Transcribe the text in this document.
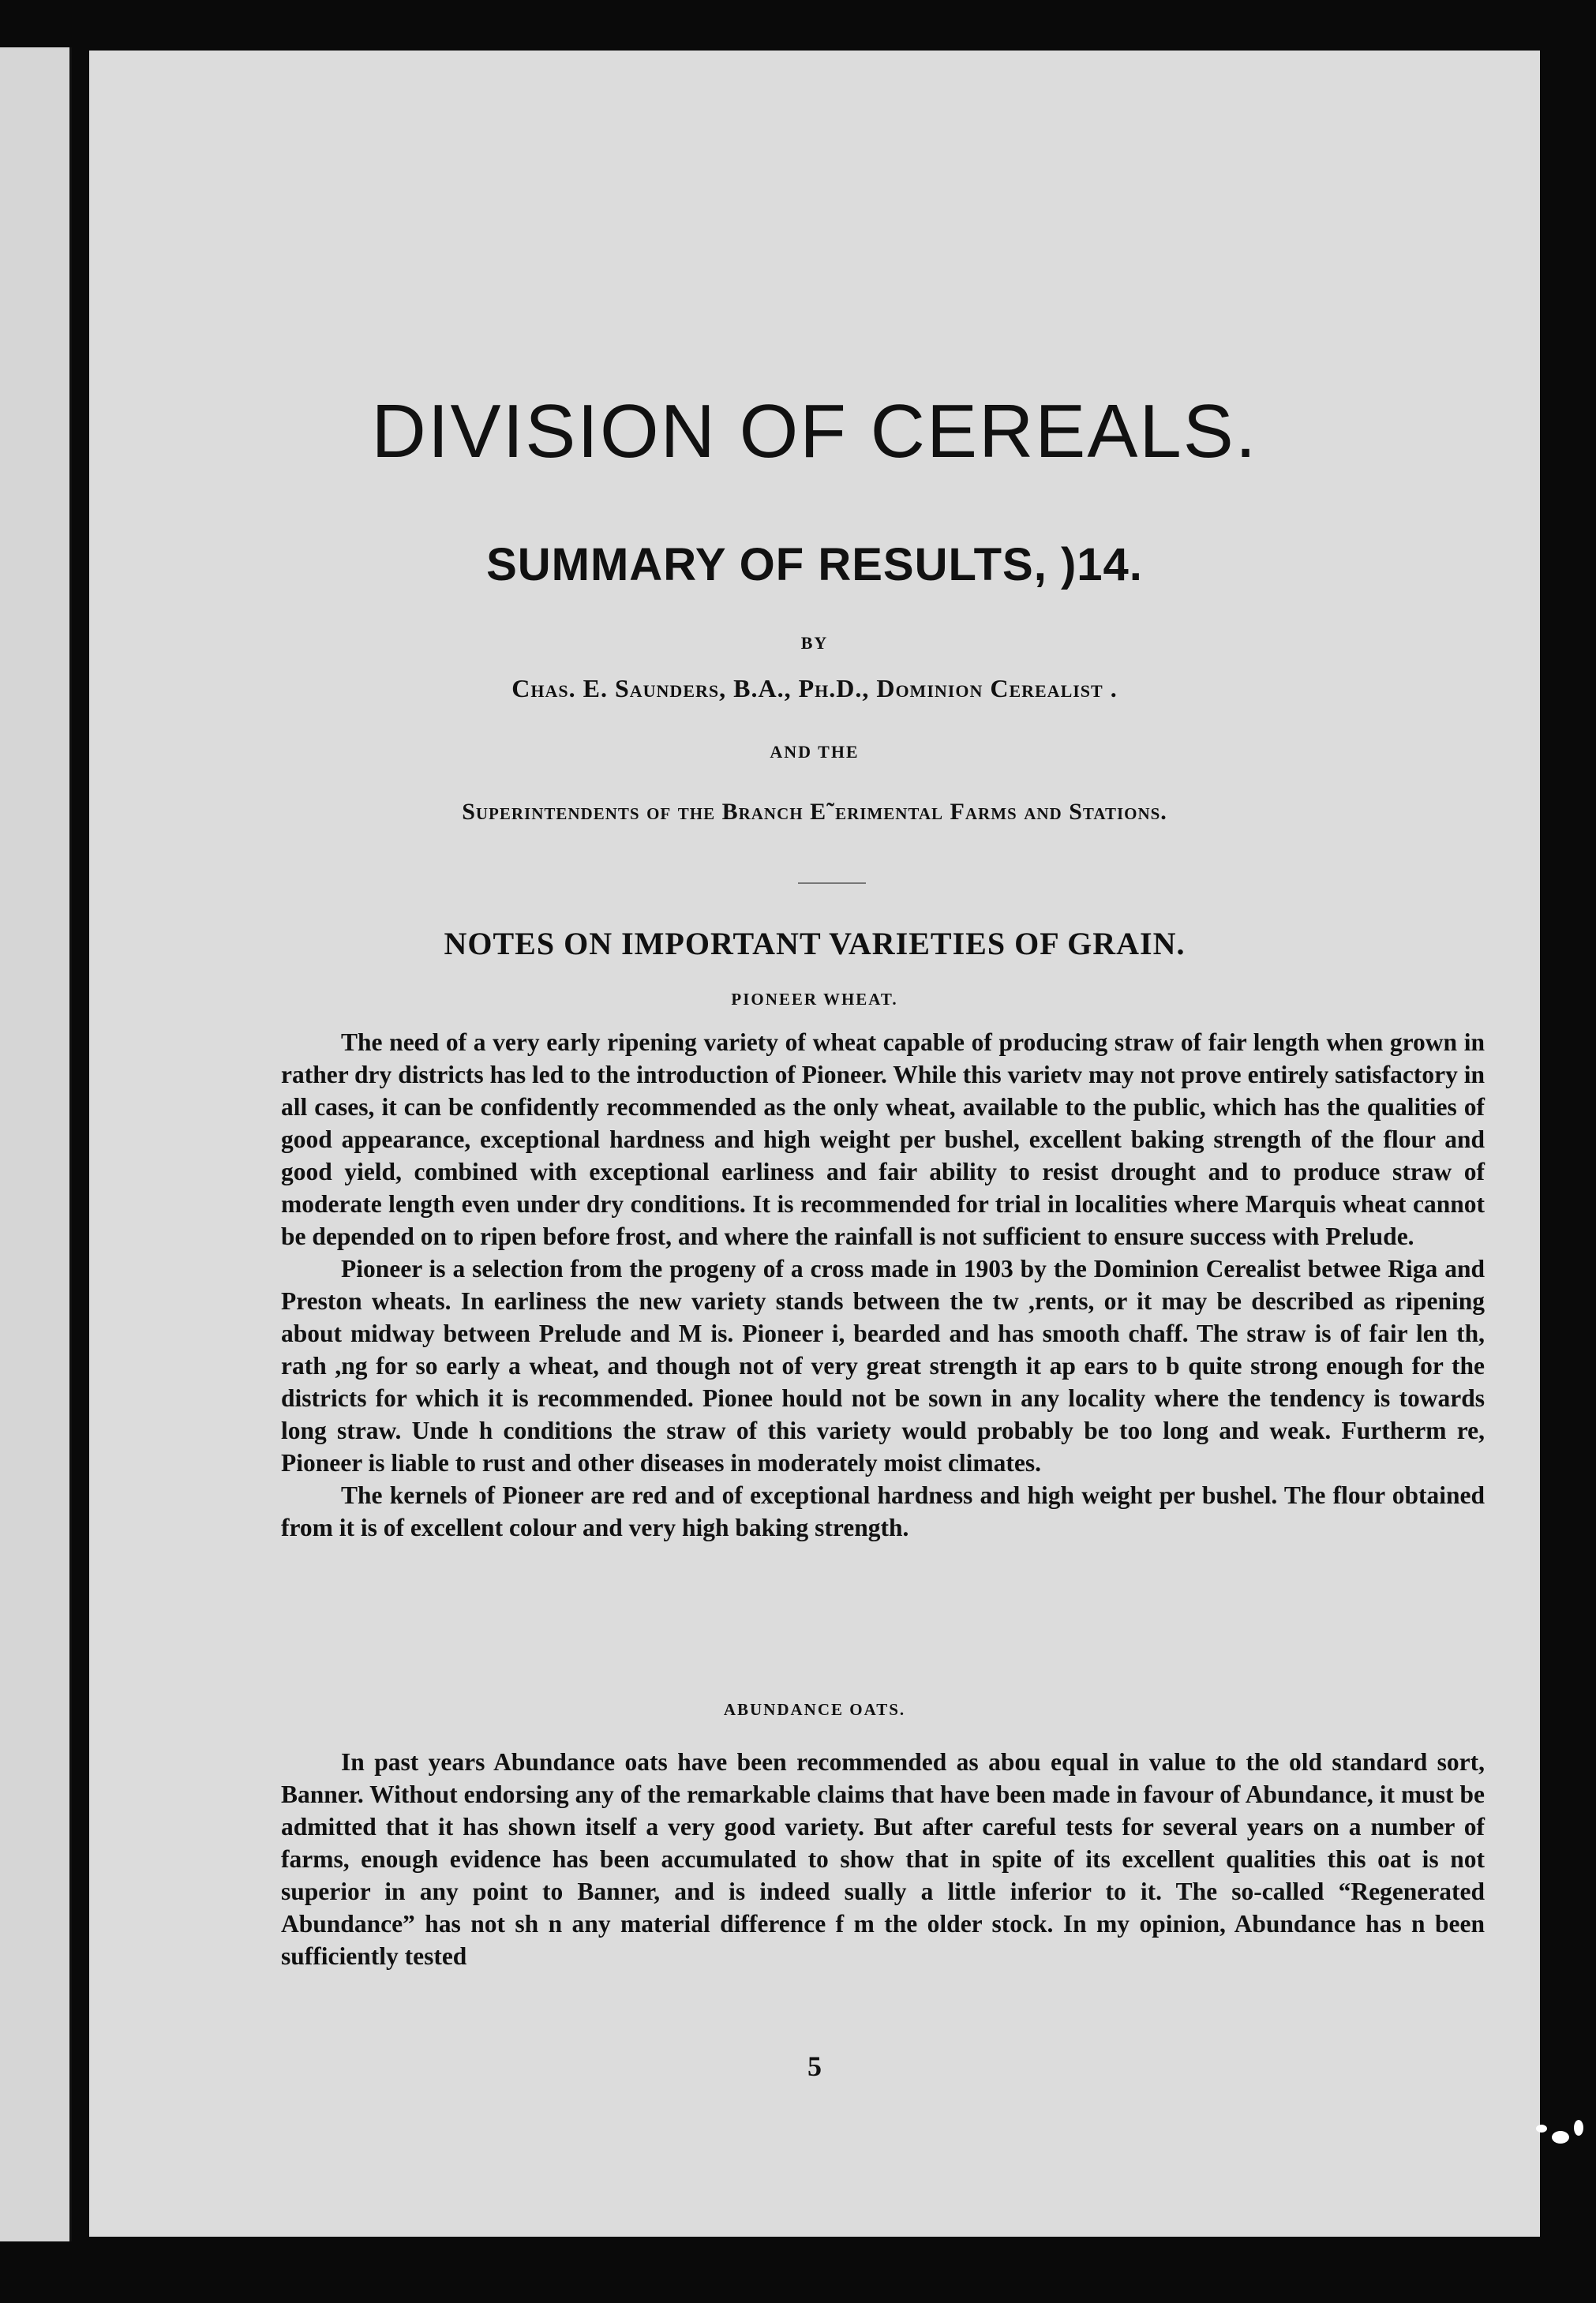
DIVISION OF CEREALS.
SUMMARY OF RESULTS, )14.
BY
Chas. E. Saunders, B.A., Ph.D., Dominion Cerealist .
AND THE
Superintendents of the Branch E˜erimental Farms and Stations.
NOTES ON IMPORTANT VARIETIES OF GRAIN.
PIONEER WHEAT.

The need of a very early ripening variety of wheat capable of producing straw of fair length when grown in rather dry districts has led to the introduction of Pioneer. While this varietv may not prove entirely satisfactory in all cases, it can be confidently recommended as the only wheat, available to the public, which has the qualities of good appearance, exceptional hardness and high weight per bushel, excellent baking strength of the flour and good yield, combined with exceptional earliness and fair ability to resist drought and to produce straw of moderate length even under dry conditions. It is recommended for trial in localities where Marquis wheat cannot be depended on to ripen before frost, and where the rainfall is not sufficient to ensure success with Prelude.

Pioneer is a selection from the progeny of a cross made in 1903 by the Dominion Cerealist betwee Riga and Preston wheats. In earliness the new variety stands between the tw ,rents, or it may be described as ripening about midway between Prelude and M is. Pioneer i, bearded and has smooth chaff. The straw is of fair len th, rath ,ng for so early a wheat, and though not of very great strength it ap ears to b quite strong enough for the districts for which it is recommended. Pionee hould not be sown in any locality where the tendency is towards long straw. Unde h conditions the straw of this variety would probably be too long and weak. Furtherm re, Pioneer is liable to rust and other diseases in moderately moist climates.

The kernels of Pioneer are red and of exceptional hardness and high weight per bushel. The flour obtained from it is of excellent colour and very high baking strength.

ABUNDANCE OATS.

In past years Abundance oats have been recommended as abou equal in value to the old standard sort, Banner. Without endorsing any of the remarkable claims that have been made in favour of Abundance, it must be admitted that it has shown itself a very good variety. But after careful tests for several years on a number of farms, enough evidence has been accumulated to show that in spite of its excellent qualities this oat is not superior in any point to Banner, and is indeed sually a little inferior to it. The so-called “Regenerated Abundance” has not sh n any material difference f m the older stock. In my opinion, Abundance has n been sufficiently tested

5
